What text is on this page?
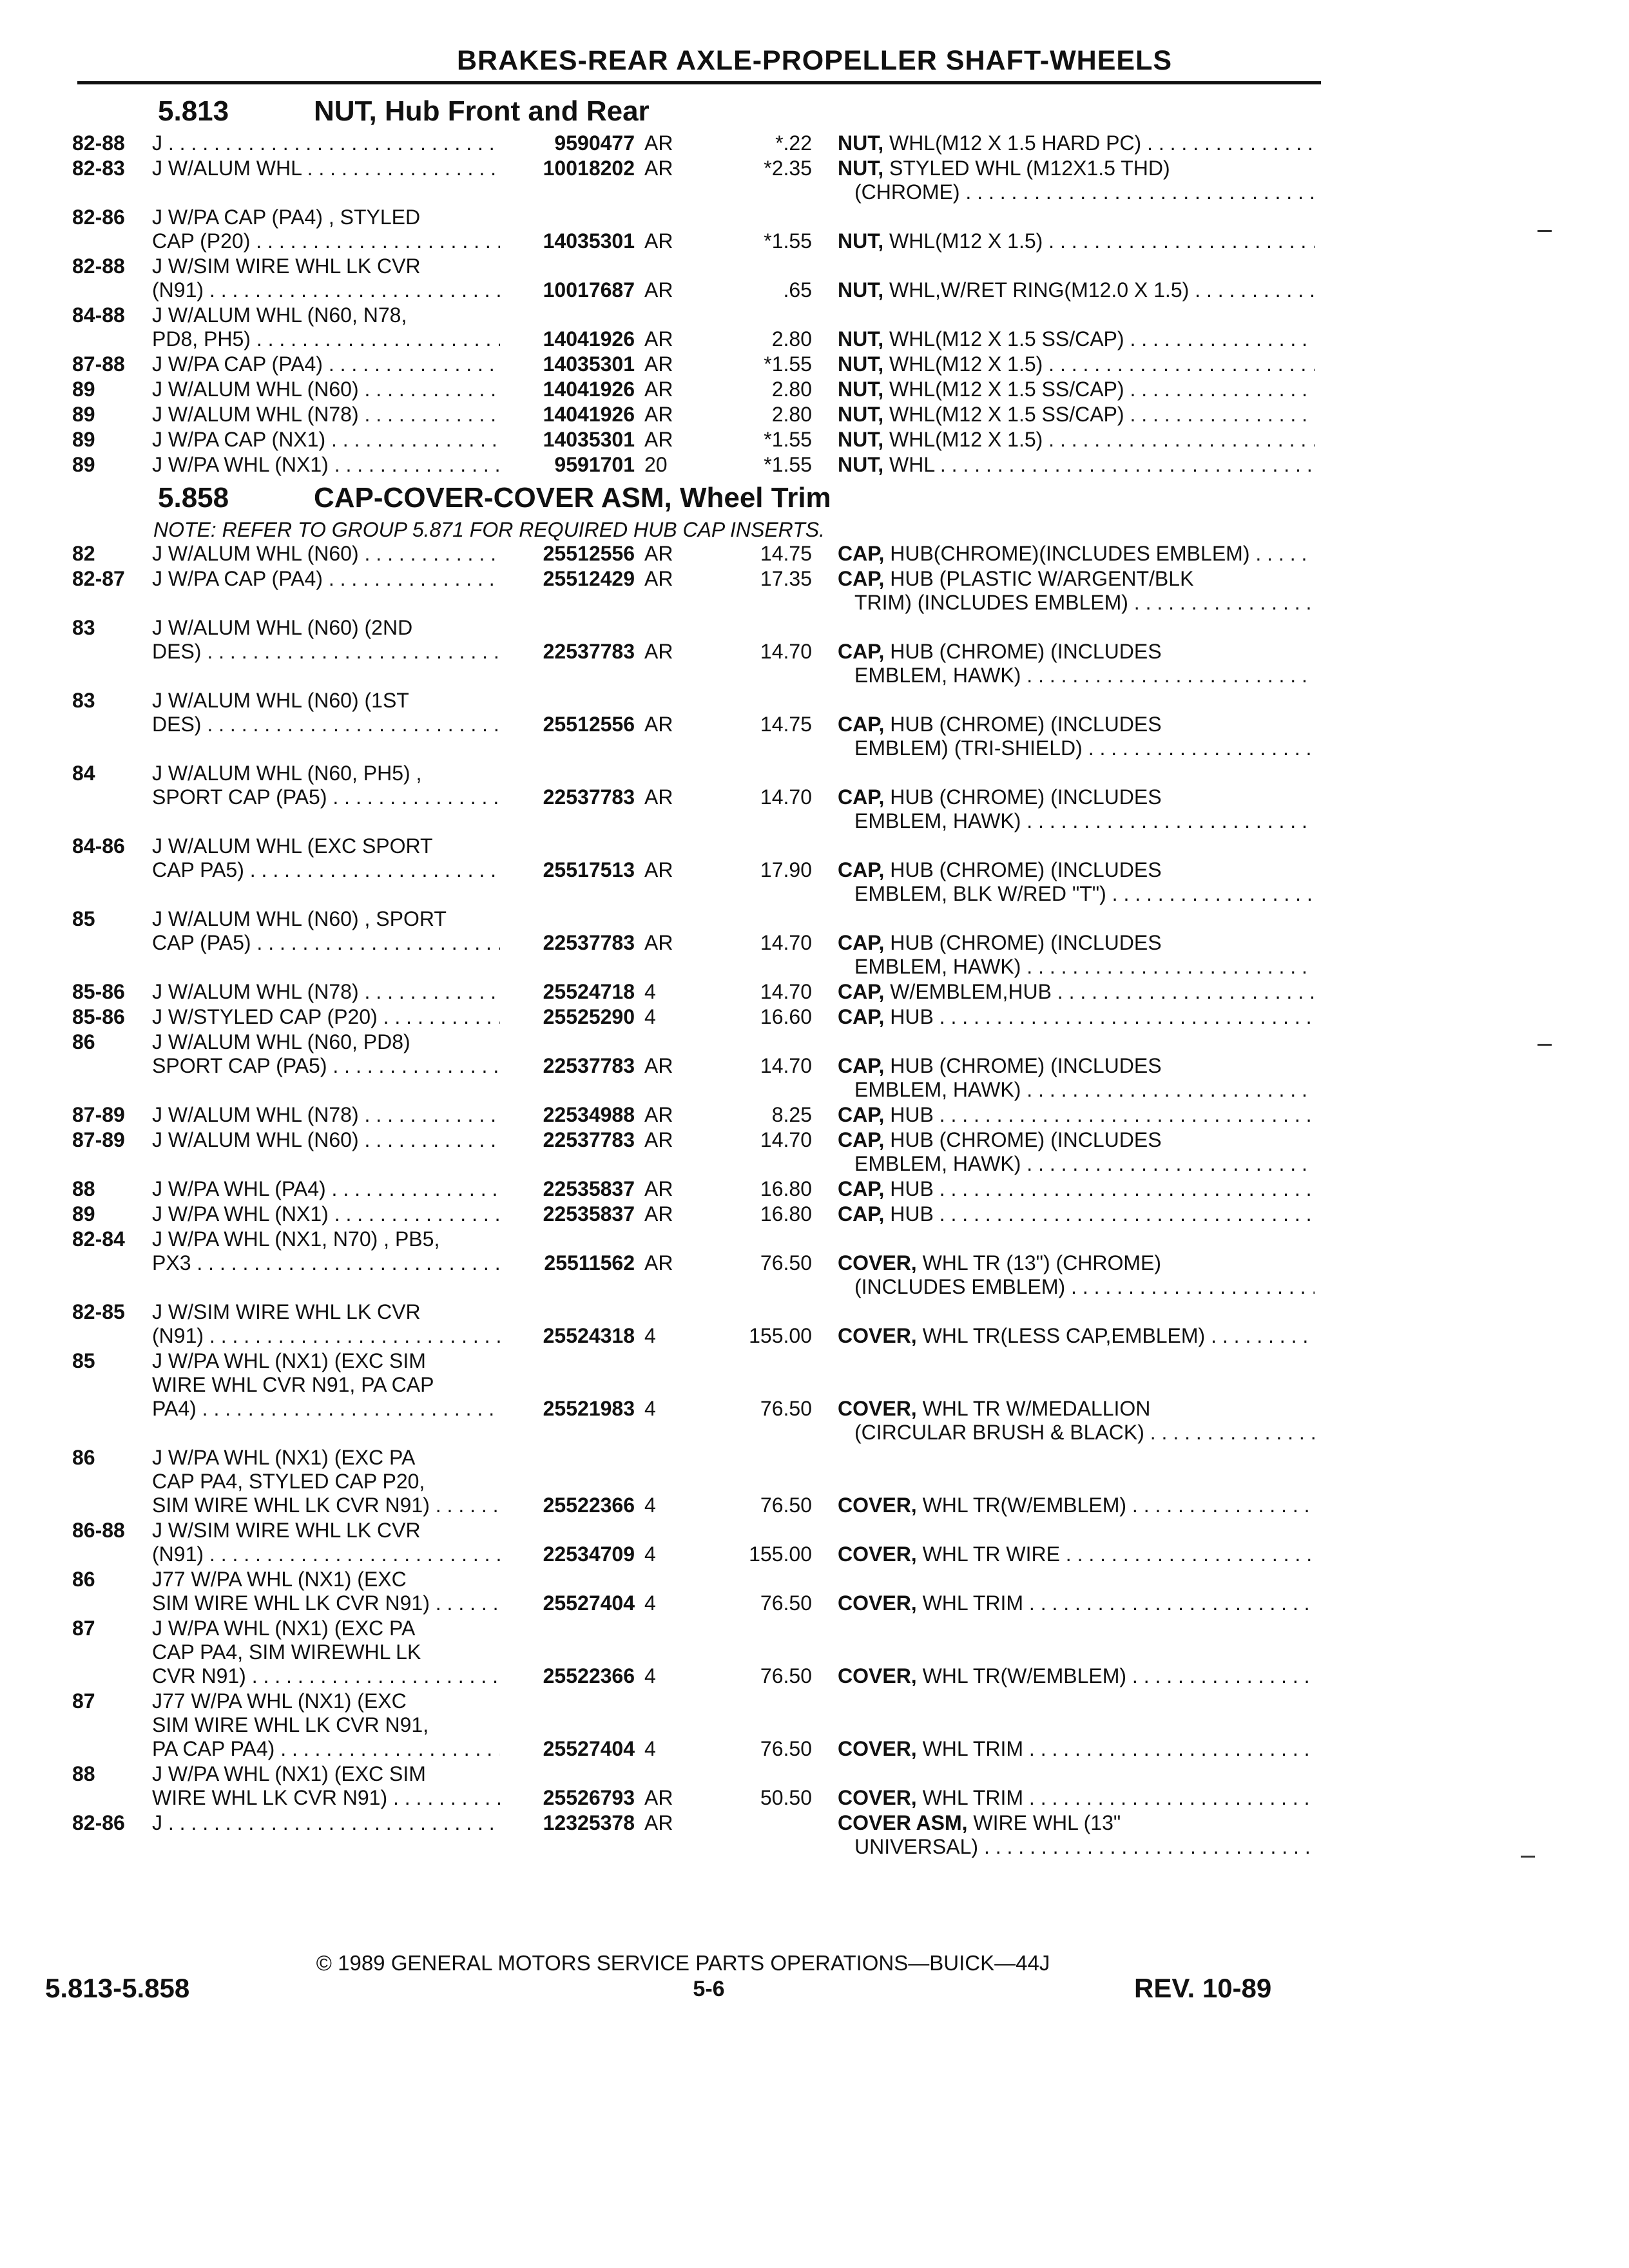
BRAKES-REAR AXLE-PROPELLER SHAFT-WHEELS
5.813	NUT, Hub Front and Rear
82-88	J . . .	9590477 AR	*.22 NUT, WHL(M12 X 1.5 HARD PC) . . .
82-83	J W/ALUM WHL . . .	10018202 AR	*2.35 NUT, STYLED WHL (M12X1.5 THD)
(CHROME) . . .
82-86	J W/PA CAP (PA4) , STYLED
CAP (P20) . . .	14035301 AR	*1.55 NUT, WHL(M12 X 1.5) . . .
82-88	J W/SIM WIRE WHL LK CVR
(N91) . . .	10017687 AR	.65 NUT, WHL,W/RET RING(M12.0 X 1.5) . . .
84-88	J W/ALUM WHL (N60, N78,
PD8, PH5) . . .	14041926 AR	2.80 NUT, WHL(M12 X 1.5 SS/CAP) . . .
87-88	J W/PA CAP (PA4) . . .	14035301 AR	*1.55 NUT, WHL(M12 X 1.5) . . .
89	J W/ALUM WHL (N60) . . .	14041926 AR	2.80 NUT, WHL(M12 X 1.5 SS/CAP) . . .
89	J W/ALUM WHL (N78) . . .	14041926 AR	2.80 NUT, WHL(M12 X 1.5 SS/CAP) . . .
89	J W/PA CAP (NX1) . . .	14035301 AR	*1.55 NUT, WHL(M12 X 1.5) . . .
89	J W/PA WHL (NX1) . . .	9591701 20	*1.55 NUT, WHL . . .
5.858	CAP-COVER-COVER ASM, Wheel Trim
NOTE: REFER TO GROUP 5.871 FOR REQUIRED HUB CAP INSERTS.
82	J W/ALUM WHL (N60) . . .	25512556 AR	14.75 CAP, HUB(CHROME)(INCLUDES EMBLEM) . . .
82-87	J W/PA CAP (PA4) . . .	25512429 AR	17.35 CAP, HUB (PLASTIC W/ARGENT/BLK
TRIM) (INCLUDES EMBLEM) . . .
83	J W/ALUM WHL (N60) (2ND
DES) . . .	22537783 AR	14.70 CAP, HUB (CHROME) (INCLUDES
EMBLEM, HAWK) . . .
83	J W/ALUM WHL (N60) (1ST
DES) . . .	25512556 AR	14.75 CAP, HUB (CHROME) (INCLUDES
EMBLEM) (TRI-SHIELD) . . .
84	J W/ALUM WHL (N60, PH5) ,
SPORT CAP (PA5) . . .	22537783 AR	14.70 CAP, HUB (CHROME) (INCLUDES
EMBLEM, HAWK) . . .
84-86	J W/ALUM WHL (EXC SPORT
CAP PA5) . . .	25517513 AR	17.90 CAP, HUB (CHROME) (INCLUDES
EMBLEM, BLK W/RED "T") . . .
85	J W/ALUM WHL (N60) , SPORT
CAP (PA5) . . .	22537783 AR	14.70 CAP, HUB (CHROME) (INCLUDES
EMBLEM, HAWK) . . .
85-86	J W/ALUM WHL (N78) . . .	25524718 4	14.70 CAP, W/EMBLEM,HUB . . .
85-86	J W/STYLED CAP (P20) . . .	25525290 4	16.60 CAP, HUB . . .
86	J W/ALUM WHL (N60, PD8)
SPORT CAP (PA5) . . .	22537783 AR	14.70 CAP, HUB (CHROME) (INCLUDES
EMBLEM, HAWK) . . .
87-89	J W/ALUM WHL (N78) . . .	22534988 AR	8.25 CAP, HUB . . .
87-89	J W/ALUM WHL (N60) . . .	22537783 AR	14.70 CAP, HUB (CHROME) (INCLUDES
EMBLEM, HAWK) . . .
88	J W/PA WHL (PA4) . . .	22535837 AR	16.80 CAP, HUB . . .
89	J W/PA WHL (NX1) . . .	22535837 AR	16.80 CAP, HUB . . .
82-84	J W/PA WHL (NX1, N70) , PB5,
PX3 . . .	25511562 AR	76.50 COVER, WHL TR (13") (CHROME)
(INCLUDES EMBLEM) . . .
82-85	J W/SIM WIRE WHL LK CVR
(N91) . . .	25524318 4	155.00 COVER, WHL TR(LESS CAP,EMBLEM) . . .
85	J W/PA WHL (NX1) (EXC SIM
WIRE WHL CVR N91, PA CAP
PA4) . . .	25521983 4	76.50 COVER, WHL TR W/MEDALLION
(CIRCULAR BRUSH & BLACK) . . .
86	J W/PA WHL (NX1) (EXC PA
CAP PA4, STYLED CAP P20,
SIM WIRE WHL LK CVR N91) . . .	25522366 4	76.50 COVER, WHL TR(W/EMBLEM) . . .
86-88	J W/SIM WIRE WHL LK CVR
(N91) . . .	22534709 4	155.00 COVER, WHL TR WIRE . . .
86	J77 W/PA WHL (NX1) (EXC
SIM WIRE WHL LK CVR N91) . . .	25527404 4	76.50 COVER, WHL TRIM . . .
87	J W/PA WHL (NX1) (EXC PA
CAP PA4, SIM WIREWHL LK
CVR N91) . . .	25522366 4	76.50 COVER, WHL TR(W/EMBLEM) . . .
87	J77 W/PA WHL (NX1) (EXC
SIM WIRE WHL LK CVR N91,
PA CAP PA4) . . .	25527404 4	76.50 COVER, WHL TRIM . . .
88	J W/PA WHL (NX1) (EXC SIM
WIRE WHL LK CVR N91) . . .	25526793 AR	50.50 COVER, WHL TRIM . . .
82-86	J . . .	12325378 AR	COVER ASM, WIRE WHL (13"
UNIVERSAL) . . .
© 1989 GENERAL MOTORS SERVICE PARTS OPERATIONS—BUICK—44J
5.813-5.858	5-6	REV. 10-89
